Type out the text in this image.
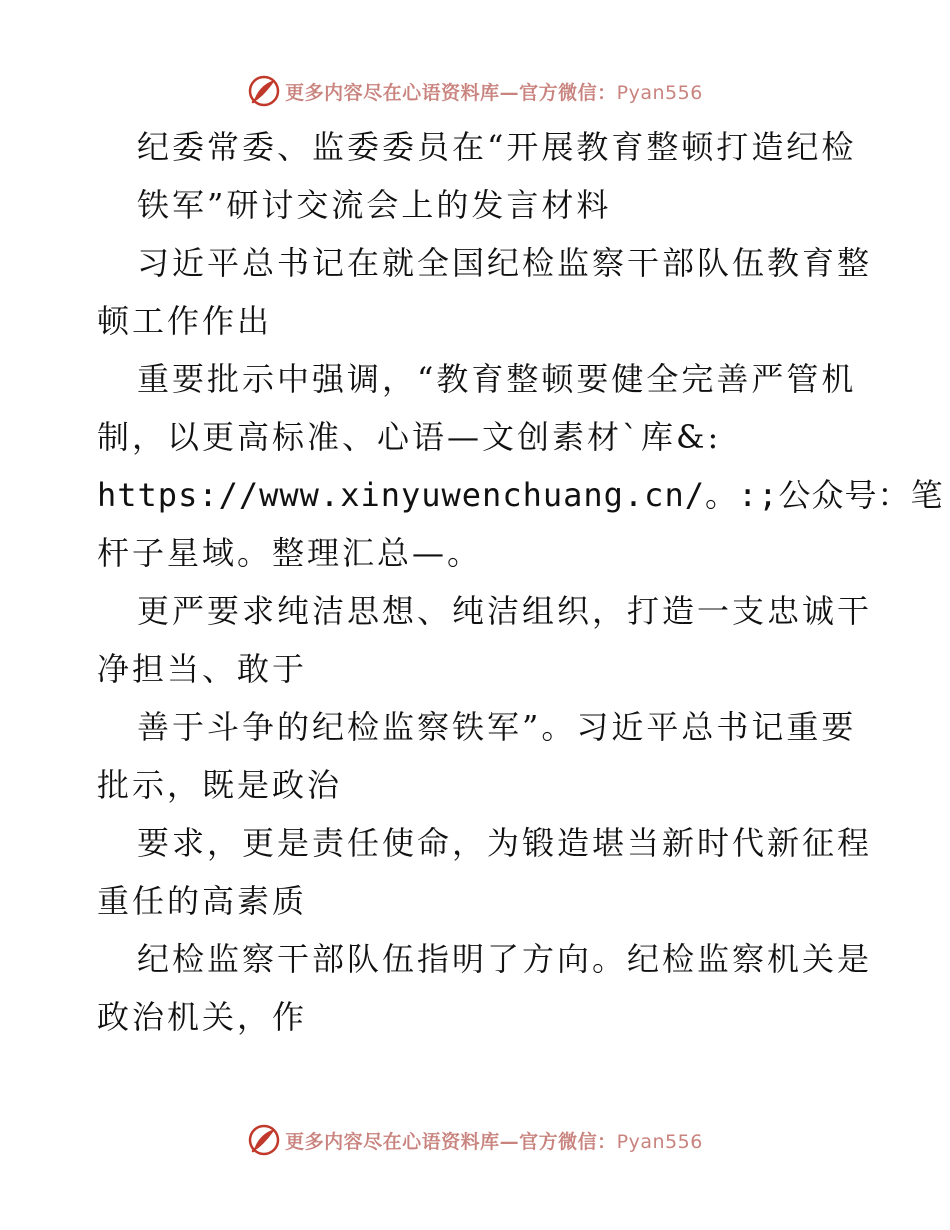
更多内容尽在心语资料库—官方微信：Pyan556
纪委常委、监委委员在“开展教育整顿打造纪检
铁军”研讨交流会上的发言材料
习近平总书记在就全国纪检监察干部队伍教育整
顿工作作出
重要批示中强调，“教育整顿要健全完善严管机
制，以更高标准、心语—文创素材`库&:
https://www.xinyuwenchuang.cn/。:;公众号：笔
杆子星域。整理汇总—。
更严要求纯洁思想、纯洁组织，打造一支忠诚干
净担当、敢于
善于斗争的纪检监察铁军”。习近平总书记重要
批示，既是政治
要求，更是责任使命，为锻造堪当新时代新征程
重任的高素质
纪检监察干部队伍指明了方向。纪检监察机关是
政治机关，作
更多内容尽在心语资料库—官方微信：Pyan556
